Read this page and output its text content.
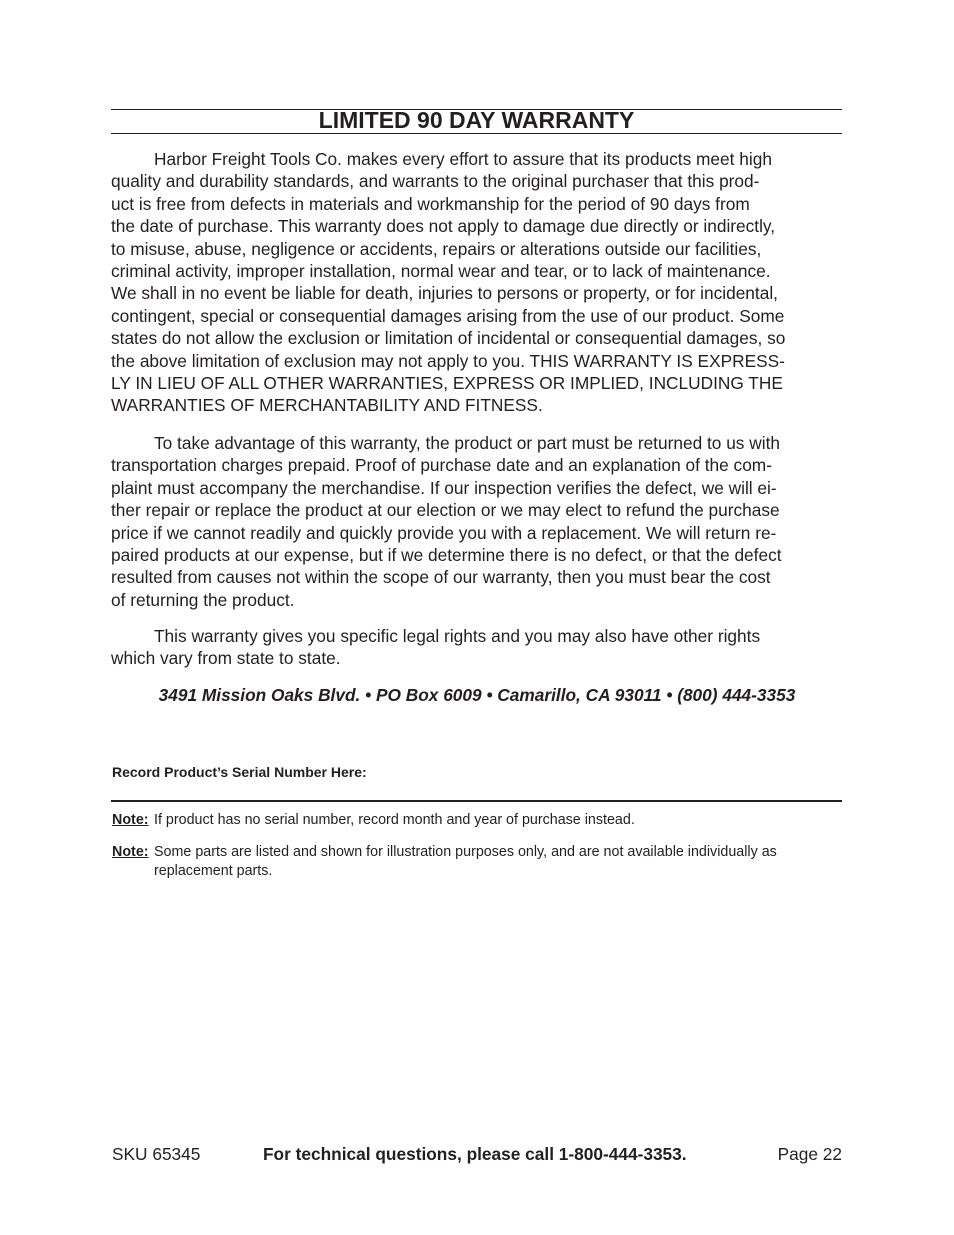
LIMITED 90 DAY WARRANTY
Harbor Freight Tools Co. makes every effort to assure that its products meet high
quality and durability standards, and warrants to the original purchaser that this prod-
uct is free from defects in materials and workmanship for the period of 90 days from
the date of purchase. This warranty does not apply to damage due directly or indirectly,
to misuse, abuse, negligence or accidents, repairs or alterations outside our facilities,
criminal activity, improper installation, normal wear and tear, or to lack of maintenance.
We shall in no event be liable for death, injuries to persons or property, or for incidental,
contingent, special or consequential damages arising from the use of our product. Some
states do not allow the exclusion or limitation of incidental or consequential damages, so
the above limitation of exclusion may not apply to you. THIS WARRANTY IS EXPRESS-
LY IN LIEU OF ALL OTHER WARRANTIES, EXPRESS OR IMPLIED, INCLUDING THE
WARRANTIES OF MERCHANTABILITY AND FITNESS.
To take advantage of this warranty, the product or part must be returned to us with
transportation charges prepaid. Proof of purchase date and an explanation of the com-
plaint must accompany the merchandise. If our inspection verifies the defect, we will ei-
ther repair or replace the product at our election or we may elect to refund the purchase
price if we cannot readily and quickly provide you with a replacement. We will return re-
paired products at our expense, but if we determine there is no defect, or that the defect
resulted from causes not within the scope of our warranty, then you must bear the cost
of returning the product.
This warranty gives you specific legal rights and you may also have other rights
which vary from state to state.
3491 Mission Oaks Blvd. • PO Box 6009 • Camarillo, CA 93011 • (800) 444-3353
Record Product’s Serial Number Here:
Note: If product has no serial number, record month and year of purchase instead.
Note: Some parts are listed and shown for illustration purposes only, and are not available individually as
replacement parts.
SKU 65345	For technical questions, please call 1-800-444-3353.	Page 22
